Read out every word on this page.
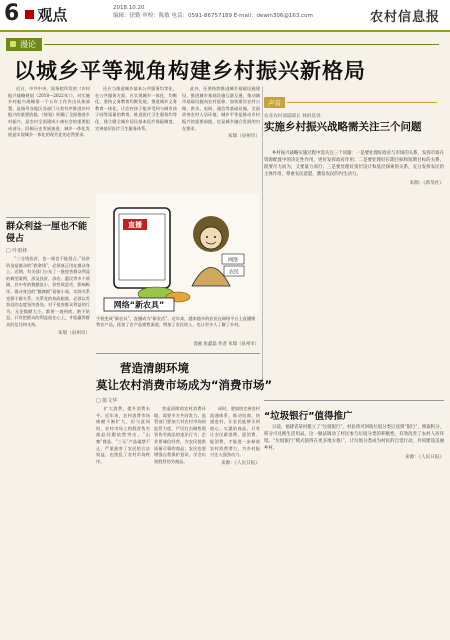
6 观点	2018.10.20
编辑：徐勤 审校：陈敏 电话：0591-86757189 E-mail：dewin306@163.com	农村信息报
漫论
以城乡平等视角构建乡村振兴新格局

近日，中共中央、国务院印发的《乡村振兴战略规划（2018—2022年）》，对实施乡村振兴战略第一个五年工作作出具体部署，是指导各地区各部门分类有序推进乡村振兴的重要依据。《规划》明确了全面推进乡村振兴，是农村全面建成小康社会的重要组成部分。回顾历史发展演进，城乡一体化发展是实现城乡一体化的现代化的必然要求。

还应当推进城乡基本公共服务均等化，在公共服务方面，应实现城乡一体化、均衡化。坚持义务教育均衡发展，推进城乡义务教育一体化，让农村孩子能享受到与城市孩子同等质量的教育。推进医疗卫生服务均等化，建立健全城乡居民基本医疗保险制度，完善基层医疗卫生服务体系。

此外，还要持续推进城乡基础设施建设，推进城乡基础设施互联互通，推动城市基础设施向农村延伸，加快建设农村公路、供水、电网、通信等基础设施，全面改善农村人居环境。城乡平等是推动乡村振兴的重要前提，也是城乡融合发展的内在要求。

朱瑞（泉州市）
群众利益一厘也不能侵占
□ 叶雨林

“三分钱扶贫，也一厘也不能侵占。”扶贫资金是群众的“救命钱”，必须真正用在群众身上。近期，有关部门公布了一批侵害群众利益的典型案例，涉及扶贫、涉农、惠民等多个领域，其中有的数额虽小，但性质恶劣，影响极坏。群众身边的“微腐败”看似小事，实则关系党群干群关系，关系党的执政根基，必须以零容忍的态度坚决查处。对于侵害群众利益的行为，无论数额大小，都要一查到底，绝不姑息。只有把群众的利益放在心上，才能赢得群众的信任和支持。

朱瑞（泉州市）
直播
网络
农民
网络“新农具”
手机变成“新农具”，直播成为“新农活”。近年来，越来越多的农民在网络平台上直播销售农产品，拓宽了农产品销售渠道，增加了农民收入，也让更多人了解了乡村。
漫画 张鑫磊 作者 朱瑞（泉州市）
声音
农业农村部副部长 林祖基说：
实施乡村振兴战略需关注三个问题

乡村振兴战略实施过程中需关注三个问题：一是要处理好政府与市场的关系，发挥市场在资源配置中的决定性作用，更好发挥政府作用；二是要处理好长期目标和短期目标的关系，既要尽力而为，又要量力而行；三是要处理好顶层设计和基层探索的关系，充分发挥农民的主体作用，尊重农民意愿，激发农民的内生动力。

来源：《新华社》
营造清朗环境
莫让农村消费市场成为“消费市场”
□ 陈文华

扩大消费，提升消费水平。近年来，农村消费市场规模不断扩大，但与此同时，农村市场上的假冒伪劣商品问题依然突出，“山寨”商品、“三无”产品屡禁不止，严重损害了农民的合法权益，也扰乱了农村市场秩序。

营造清朗的农村消费环境，需要多方共同发力。监管部门要加大对农村市场的监管力度，严厉打击制售假冒伪劣商品的违法行为；企业要诚信经营，为农民提供质量可靠的商品；农民也要增强自我保护意识，学会识别假冒伪劣商品。

同时，要加快完善农村流通体系，推动电商、快递进村，让农民能够买到放心、实惠的商品。只有让农民敢消费、愿消费、能消费，才能进一步释放农村消费潜力，为乡村振兴注入强劲动力。

来源：《人民日报》
“垃圾银行”值得推广

日前，福建省某村建立了“垃圾银行”，村民将可回收垃圾分类后送到“银行”，换取积分，积分可兑换生活用品。这一做法调动了村民参与垃圾分类的积极性，有效改善了农村人居环境。“垃圾银行”模式值得在更多地方推广，让垃圾分类成为村民的自觉行动，共同建设美丽乡村。

来源：《人民日报》
